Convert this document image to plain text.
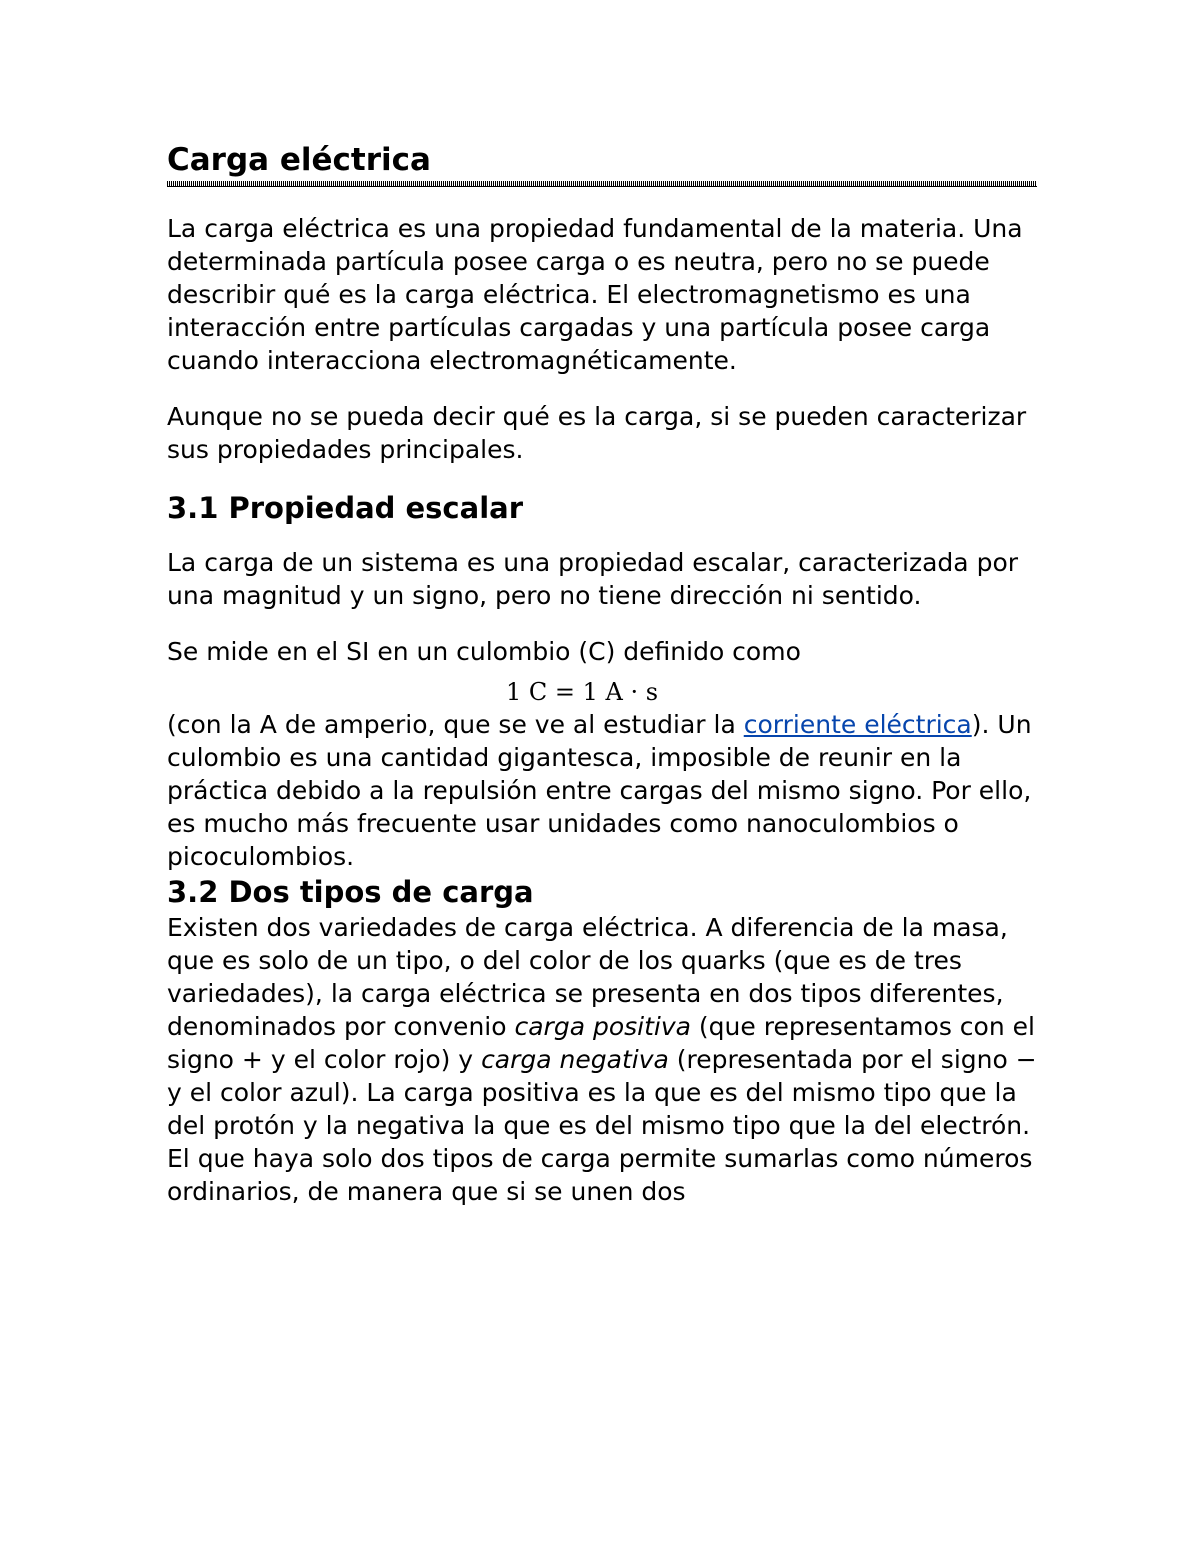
Carga eléctrica

La carga eléctrica es una propiedad fundamental de la materia. Una determinada partícula posee carga o es neutra, pero no se puede describir qué es la carga eléctrica. El electromagnetismo es una interacción entre partículas cargadas y una partícula posee carga cuando interacciona electromagnéticamente.

Aunque no se pueda decir qué es la carga, si se pueden caracterizar sus propiedades principales.

3.1 Propiedad escalar

La carga de un sistema es una propiedad escalar, caracterizada por una magnitud y un signo, pero no tiene dirección ni sentido.

Se mide en el SI en un culombio (C) definido como

1 C = 1 A · s

(con la A de amperio, que se ve al estudiar la corriente eléctrica). Un culombio es una cantidad gigantesca, imposible de reunir en la práctica debido a la repulsión entre cargas del mismo signo. Por ello, es mucho más frecuente usar unidades como nanoculombios o picoculombios.

3.2 Dos tipos de carga

Existen dos variedades de carga eléctrica. A diferencia de la masa, que es solo de un tipo, o del color de los quarks (que es de tres variedades), la carga eléctrica se presenta en dos tipos diferentes, denominados por convenio carga positiva (que representamos con el signo + y el color rojo) y carga negativa (representada por el signo − y el color azul). La carga positiva es la que es del mismo tipo que la del protón y la negativa la que es del mismo tipo que la del electrón.

El que haya solo dos tipos de carga permite sumarlas como números ordinarios, de manera que si se unen dos
